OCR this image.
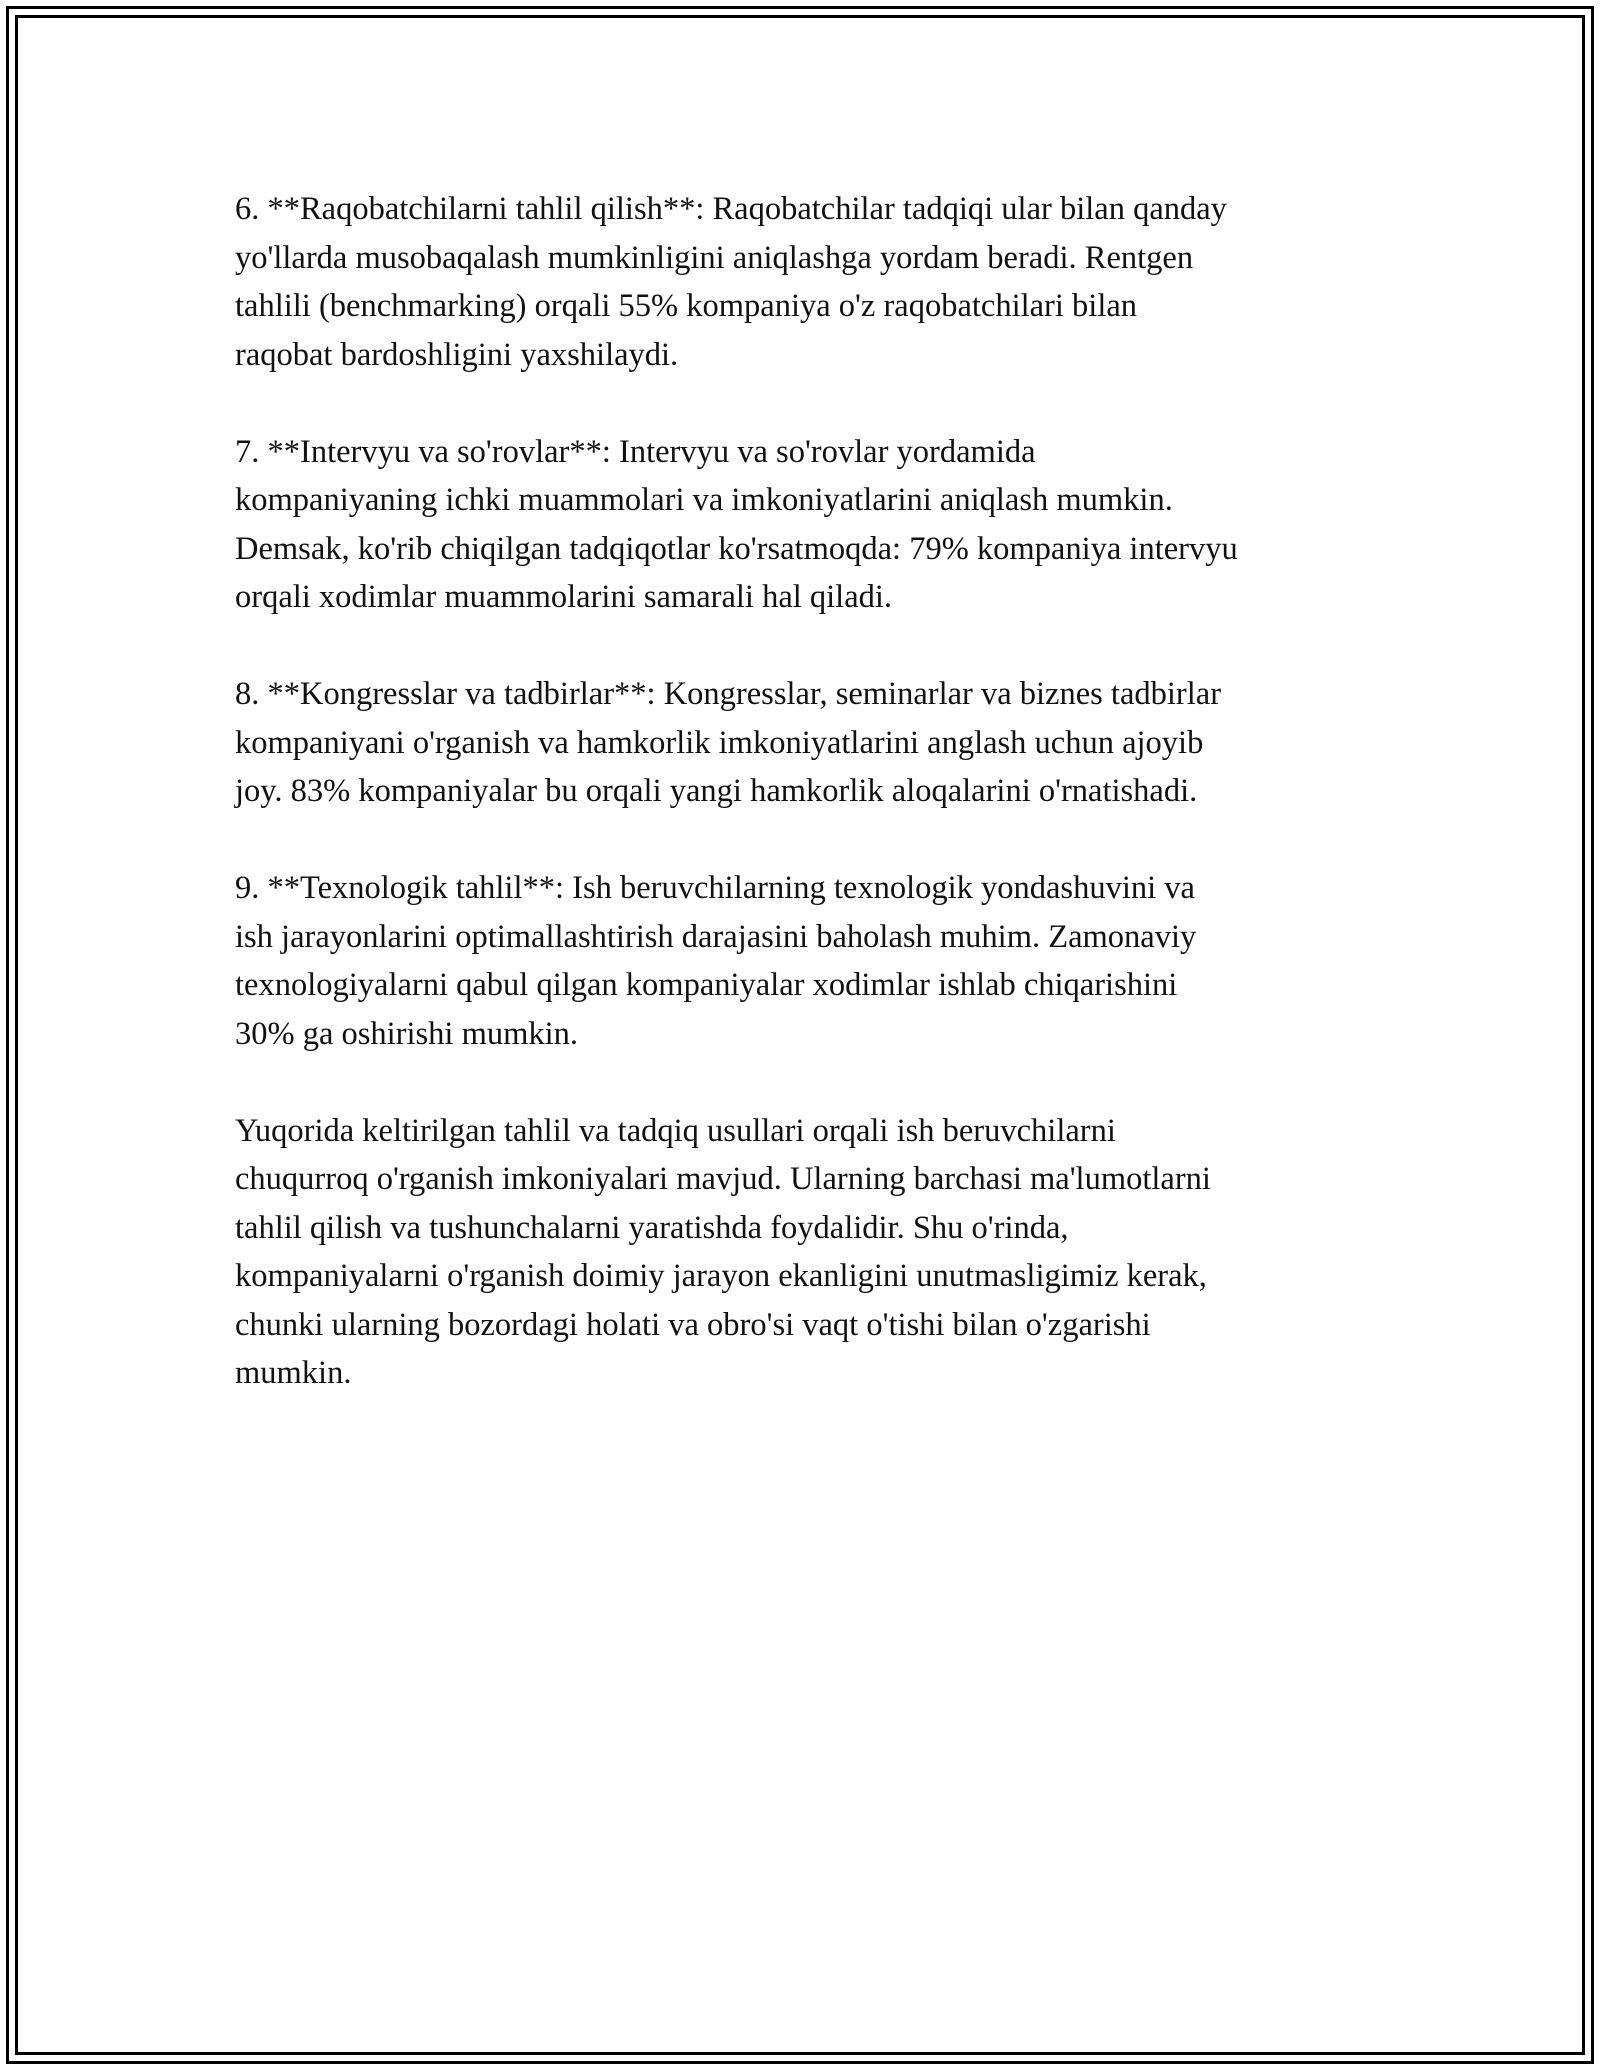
6. **Raqobatchilarni tahlil qilish**: Raqobatchilar tadqiqi ular bilan qanday
yo'llarda musobaqalash mumkinligini aniqlashga yordam beradi. Rentgen
tahlili (benchmarking) orqali 55% kompaniya o'z raqobatchilari bilan
raqobat bardoshligini yaxshilaydi.

7. **Intervyu va so'rovlar**: Intervyu va so'rovlar yordamida
kompaniyaning ichki muammolari va imkoniyatlarini aniqlash mumkin.
Demsak, ko'rib chiqilgan tadqiqotlar ko'rsatmoqda: 79% kompaniya intervyu
orqali xodimlar muammolarini samarali hal qiladi.

8. **Kongresslar va tadbirlar**: Kongresslar, seminarlar va biznes tadbirlar
kompaniyani o'rganish va hamkorlik imkoniyatlarini anglash uchun ajoyib
joy. 83% kompaniyalar bu orqali yangi hamkorlik aloqalarini o'rnatishadi.

9. **Texnologik tahlil**: Ish beruvchilarning texnologik yondashuvini va
ish jarayonlarini optimallashtirish darajasini baholash muhim. Zamonaviy
texnologiyalarni qabul qilgan kompaniyalar xodimlar ishlab chiqarishini
30% ga oshirishi mumkin.

Yuqorida keltirilgan tahlil va tadqiq usullari orqali ish beruvchilarni
chuqurroq o'rganish imkoniyalari mavjud. Ularning barchasi ma'lumotlarni
tahlil qilish va tushunchalarni yaratishda foydalidir. Shu o'rinda,
kompaniyalarni o'rganish doimiy jarayon ekanligini unutmasligimiz kerak,
chunki ularning bozordagi holati va obro'si vaqt o'tishi bilan o'zgarishi
mumkin.
